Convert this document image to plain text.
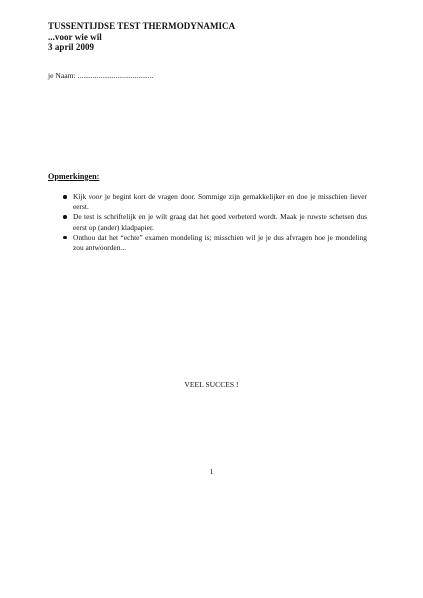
TUSSENTIJDSE TEST THERMODYNAMICA
...voor wie wil
3 april 2009
je Naam: ........................................
Opmerkingen:
Kijk voor je begint kort de vragen door. Sommige zijn gemakkelijker en doe je misschien liever eerst.
De test is schriftelijk en je wilt graag dat het goed verbeterd wordt. Maak je ruwste schetsen dus eerst op (ander) kladpapier.
Onthou dat het “echte” examen mondeling is; misschien wil je je dus afvragen hoe je mondeling zou antwoorden...
VEEL SUCCES !
1
